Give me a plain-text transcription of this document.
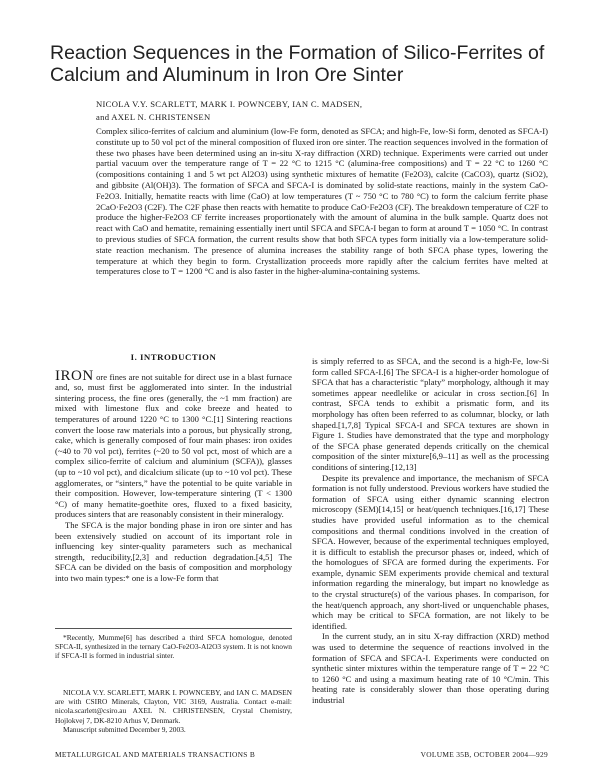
Reaction Sequences in the Formation of Silico-Ferrites of Calcium and Aluminum in Iron Ore Sinter
NICOLA V.Y. SCARLETT, MARK I. POWNCEBY, IAN C. MADSEN,
and AXEL N. CHRISTENSEN
Complex silico-ferrites of calcium and aluminium (low-Fe form, denoted as SFCA; and high-Fe, low-Si form, denoted as SFCA-I) constitute up to 50 vol pct of the mineral composition of fluxed iron ore sinter. The reaction sequences involved in the formation of these two phases have been determined using an in-situ X-ray diffraction (XRD) technique. Experiments were carried out under partial vacuum over the temperature range of T = 22 °C to 1215 °C (alumina-free compositions) and T = 22 °C to 1260 °C (compositions containing 1 and 5 wt pct Al2O3) using synthetic mixtures of hematite (Fe2O3), calcite (CaCO3), quartz (SiO2), and gibbsite (Al(OH)3). The formation of SFCA and SFCA-I is dominated by solid-state reactions, mainly in the system CaO-Fe2O3. Initially, hematite reacts with lime (CaO) at low temperatures (T ~ 750 °C to 780 °C) to form the calcium ferrite phase 2CaO·Fe2O3 (C2F). The C2F phase then reacts with hematite to produce CaO·Fe2O3 (CF). The breakdown temperature of C2F to produce the higher-Fe2O3 CF ferrite increases proportionately with the amount of alumina in the bulk sample. Quartz does not react with CaO and hematite, remaining essentially inert until SFCA and SFCA-I began to form at around T = 1050 °C. In contrast to previous studies of SFCA formation, the current results show that both SFCA types form initially via a low-temperature solid-state reaction mechanism. The presence of alumina increases the stability range of both SFCA phase types, lowering the temperature at which they begin to form. Crystallization proceeds more rapidly after the calcium ferrites have melted at temperatures close to T = 1200 °C and is also faster in the higher-alumina-containing systems.
I. INTRODUCTION

IRON ore fines are not suitable for direct use in a blast furnace and, so, must first be agglomerated into sinter. In the industrial sintering process, the fine ores (generally, the ~1 mm fraction) are mixed with limestone flux and coke breeze and heated to temperatures of around 1220 °C to 1300 °C.[1] Sintering reactions convert the loose raw materials into a porous, but physically strong, cake, which is generally composed of four main phases: iron oxides (~40 to 70 vol pct), ferrites (~20 to 50 vol pct, most of which are a complex silico-ferrite of calcium and aluminium (SCFA)), glasses (up to ~10 vol pct), and dicalcium silicate (up to ~10 vol pct). These agglomerates, or “sinters,” have the potential to be quite variable in their composition. However, low-temperature sintering (T < 1300 °C) of many hematite-goethite ores, fluxed to a fixed basicity, produces sinters that are reasonably consistent in their mineralogy.

The SFCA is the major bonding phase in iron ore sinter and has been extensively studied on account of its important role in influencing key sinter-quality parameters such as mechanical strength, reducibility,[2,3] and reduction degradation.[4,5] The SFCA can be divided on the basis of composition and morphology into two main types:* one is a low-Fe form that

*Recently, Mumme[6] has described a third SFCA homologue, denoted SFCA-II, synthesized in the ternary CaO-Fe2O3-Al2O3 system. It is not known if SFCA-II is formed in industrial sinter.

NICOLA V.Y. SCARLETT, MARK I. POWNCEBY, and IAN C. MADSEN are with CSIRO Minerals, Clayton, VIC 3169, Australia. Contact e-mail: nicola.scarlett@csiro.au AXEL N. CHRISTENSEN, Crystal Chemistry, Hojlokvej 7, DK-8210 Arhus V, Denmark.

Manuscript submitted December 9, 2003.

is simply referred to as SFCA, and the second is a high-Fe, low-Si form called SFCA-I.[6] The SFCA-I is a higher-order homologue of SFCA that has a characteristic “platy” morphology, although it may sometimes appear needlelike or acicular in cross section.[6] In contrast, SFCA tends to exhibit a prismatic form, and its morphology has often been referred to as columnar, blocky, or lath shaped.[1,7,8] Typical SFCA-I and SFCA textures are shown in Figure 1. Studies have demonstrated that the type and morphology of the SFCA phase generated depends critically on the chemical composition of the sinter mixture[6,9–11] as well as the processing conditions of sintering.[12,13]

Despite its prevalence and importance, the mechanism of SFCA formation is not fully understood. Previous workers have studied the formation of SFCA using either dynamic scanning electron microscopy (SEM)[14,15] or heat/quench techniques.[16,17] These studies have provided useful information as to the chemical compositions and thermal conditions involved in the creation of SFCA. However, because of the experimental techniques employed, it is difficult to establish the precursor phases or, indeed, which of the homologues of SFCA are formed during the experiments. For example, dynamic SEM experiments provide chemical and textural information regarding the mineralogy, but impart no knowledge as to the crystal structure(s) of the various phases. In comparison, for the heat/quench approach, any short-lived or unquenchable phases, which may be critical to SFCA formation, are not likely to be identified.

In the current study, an in situ X-ray diffraction (XRD) method was used to determine the sequence of reactions involved in the formation of SFCA and SFCA-I. Experiments were conducted on synthetic sinter mixtures within the temperature range of T = 22 °C to 1260 °C and using a maximum heating rate of 10 °C/min. This heating rate is considerably slower than those operating during industrial

METALLURGICAL AND MATERIALS TRANSACTIONS B	VOLUME 35B, OCTOBER 2004—929
